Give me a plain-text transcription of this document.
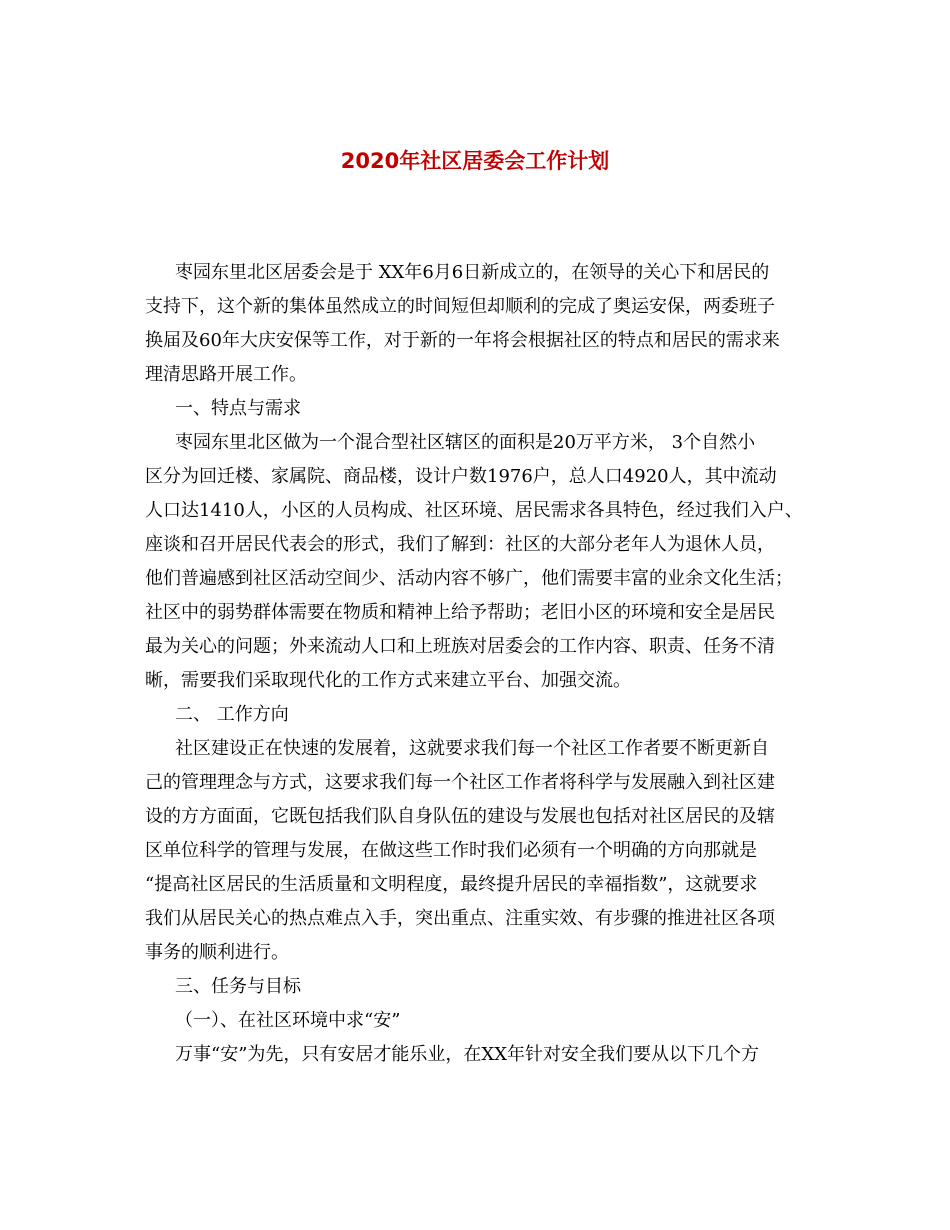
2020年社区居委会工作计划
枣园东里北区居委会是于 XX年6月6日新成立的，在领导的关心下和居民的
支持下，这个新的集体虽然成立的时间短但却顺利的完成了奥运安保，两委班子
换届及60年大庆安保等工作，对于新的一年将会根据社区的特点和居民的需求来
理清思路开展工作。
一、特点与需求
枣园东里北区做为一个混合型社区辖区的面积是20万平方米， 3个自然小
区分为回迁楼、家属院、商品楼，设计户数1976户，总人口4920人，其中流动
人口达1410人，小区的人员构成、社区环境、居民需求各具特色，经过我们入户、
座谈和召开居民代表会的形式，我们了解到：社区的大部分老年人为退休人员，
他们普遍感到社区活动空间少、活动内容不够广，他们需要丰富的业余文化生活；
社区中的弱势群体需要在物质和精神上给予帮助；老旧小区的环境和安全是居民
最为关心的问题；外来流动人口和上班族对居委会的工作内容、职责、任务不清
晰，需要我们采取现代化的工作方式来建立平台、加强交流。
二、 工作方向
社区建设正在快速的发展着，这就要求我们每一个社区工作者要不断更新自
己的管理理念与方式，这要求我们每一个社区工作者将科学与发展融入到社区建
设的方方面面，它既包括我们队自身队伍的建设与发展也包括对社区居民的及辖
区单位科学的管理与发展，在做这些工作时我们必须有一个明确的方向那就是
“提高社区居民的生活质量和文明程度，最终提升居民的幸福指数”，这就要求
我们从居民关心的热点难点入手，突出重点、注重实效、有步骤的推进社区各项
事务的顺利进行。
三、任务与目标
（一）、在社区环境中求“安”
万事“安”为先，只有安居才能乐业，在XX年针对安全我们要从以下几个方
